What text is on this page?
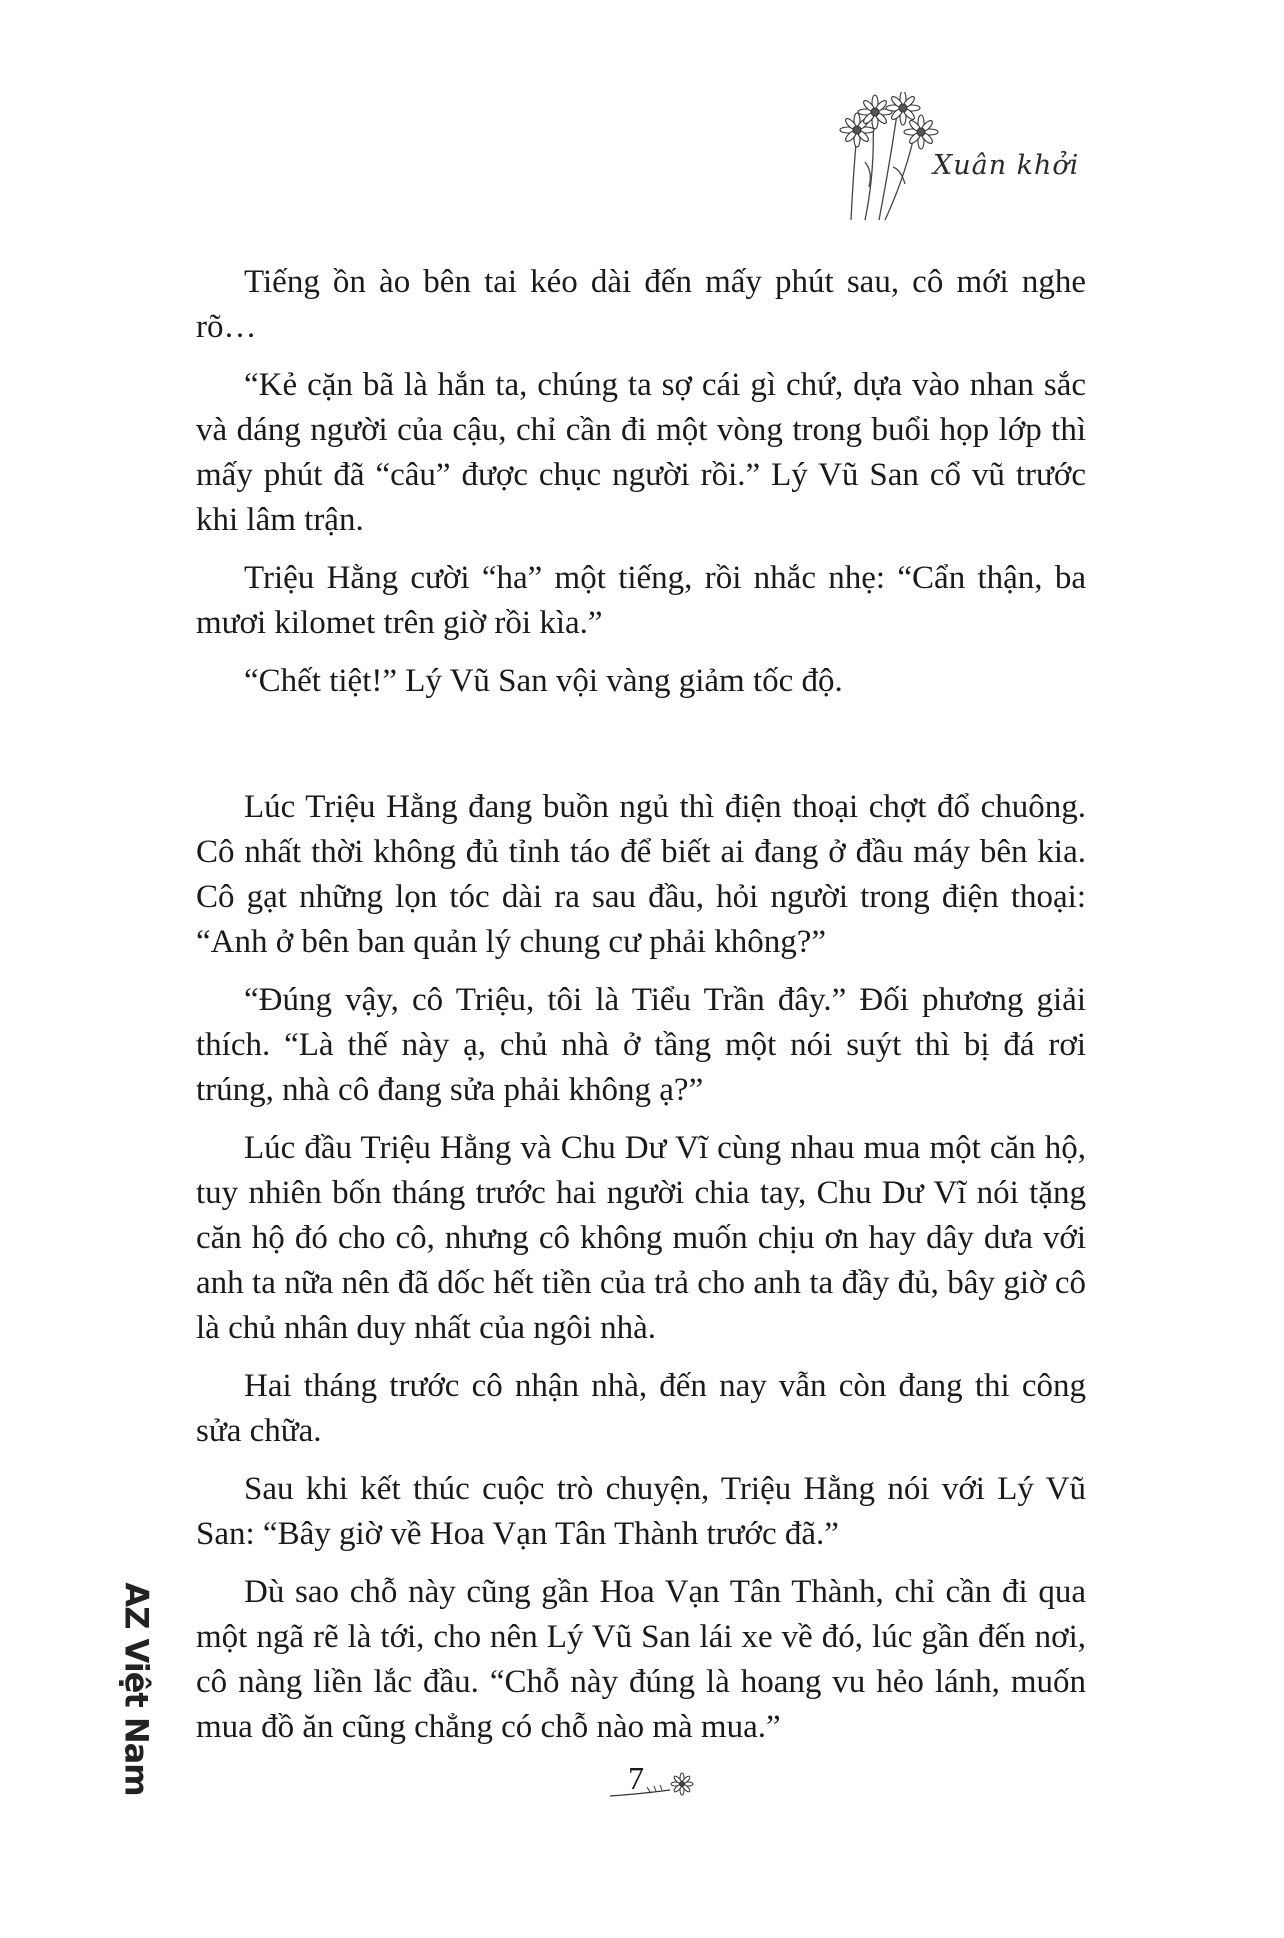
Xuân khởi

Tiếng ồn ào bên tai kéo dài đến mấy phút sau, cô mới nghe rõ…

“Kẻ cặn bã là hắn ta, chúng ta sợ cái gì chứ, dựa vào nhan sắc và dáng người của cậu, chỉ cần đi một vòng trong buổi họp lớp thì mấy phút đã “câu” được chục người rồi.” Lý Vũ San cổ vũ trước khi lâm trận.

Triệu Hằng cười “ha” một tiếng, rồi nhắc nhẹ: “Cẩn thận, ba mươi kilomet trên giờ rồi kìa.”

“Chết tiệt!” Lý Vũ San vội vàng giảm tốc độ.

Lúc Triệu Hằng đang buồn ngủ thì điện thoại chợt đổ chuông. Cô nhất thời không đủ tỉnh táo để biết ai đang ở đầu máy bên kia. Cô gạt những lọn tóc dài ra sau đầu, hỏi người trong điện thoại: “Anh ở bên ban quản lý chung cư phải không?”

“Đúng vậy, cô Triệu, tôi là Tiểu Trần đây.” Đối phương giải thích. “Là thế này ạ, chủ nhà ở tầng một nói suýt thì bị đá rơi trúng, nhà cô đang sửa phải không ạ?”

Lúc đầu Triệu Hằng và Chu Dư Vĩ cùng nhau mua một căn hộ, tuy nhiên bốn tháng trước hai người chia tay, Chu Dư Vĩ nói tặng căn hộ đó cho cô, nhưng cô không muốn chịu ơn hay dây dưa với anh ta nữa nên đã dốc hết tiền của trả cho anh ta đầy đủ, bây giờ cô là chủ nhân duy nhất của ngôi nhà.

Hai tháng trước cô nhận nhà, đến nay vẫn còn đang thi công sửa chữa.

Sau khi kết thúc cuộc trò chuyện, Triệu Hằng nói với Lý Vũ San: “Bây giờ về Hoa Vạn Tân Thành trước đã.”

Dù sao chỗ này cũng gần Hoa Vạn Tân Thành, chỉ cần đi qua một ngã rẽ là tới, cho nên Lý Vũ San lái xe về đó, lúc gần đến nơi, cô nàng liền lắc đầu. “Chỗ này đúng là hoang vu hẻo lánh, muốn mua đồ ăn cũng chẳng có chỗ nào mà mua.”

AZ Việt Nam	7
